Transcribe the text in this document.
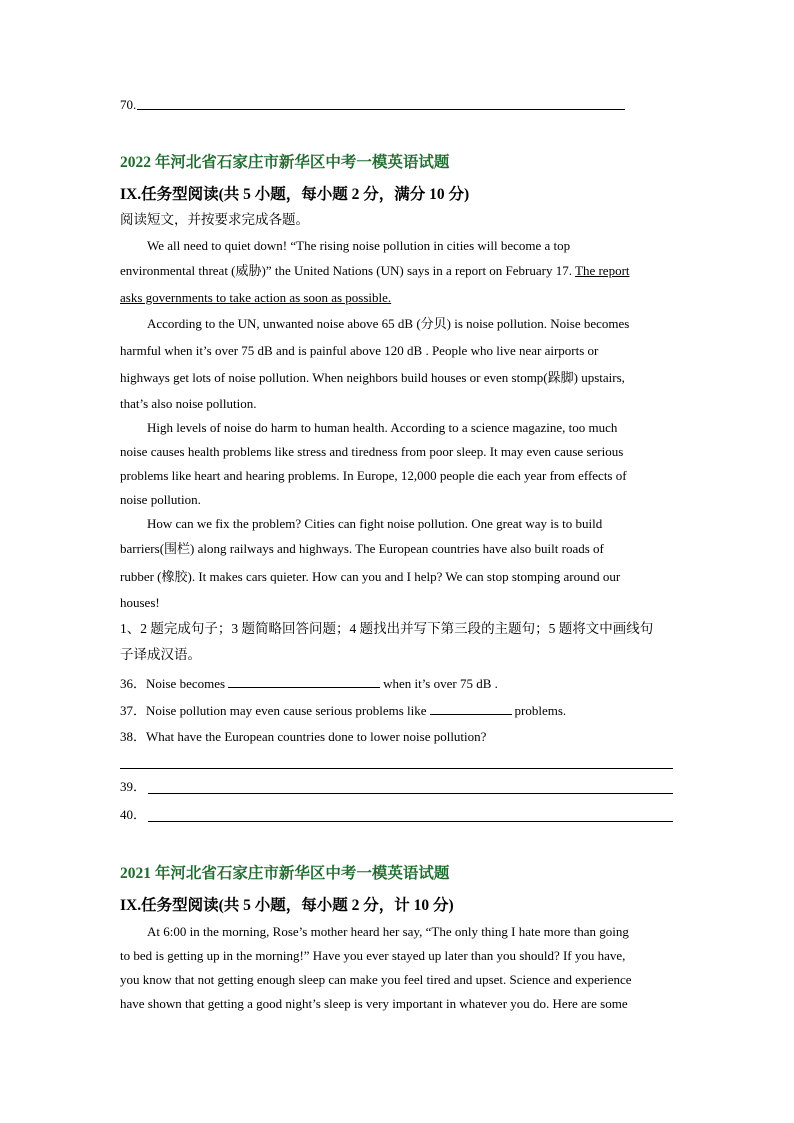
70.
2022 年河北省石家庄市新华区中考一模英语试题
IX.任务型阅读(共 5 小题，每小题 2 分，满分 10 分)
阅读短文，并按要求完成各题。
We all need to quiet down! “The rising noise pollution in cities will become a top
environmental threat (威胁)” the United Nations (UN) says in a report on February 17. The report
asks governments to take action as soon as possible.
According to the UN, unwanted noise above 65 dB (分贝) is noise pollution. Noise becomes
harmful when it’s over 75 dB and is painful above 120 dB . People who live near airports or
highways get lots of noise pollution. When neighbors build houses or even stomp(跺脚) upstairs,
that’s also noise pollution.
High levels of noise do harm to human health. According to a science magazine, too much
noise causes health problems like stress and tiredness from poor sleep. It may even cause serious
problems like heart and hearing problems. In Europe, 12,000 people die each year from effects of
noise pollution.
How can we fix the problem? Cities can fight noise pollution. One great way is to build
barriers(围栏) along railways and highways. The European countries have also built roads of
rubber (橡胶). It makes cars quieter. How can you and I help? We can stop stomping around our
houses!
1、2 题完成句子；3 题简略回答问题；4 题找出并写下第三段的主题句；5 题将文中画线句
子译成汉语。
36．Noise becomes	when it’s over 75 dB .
37．Noise pollution may even cause serious problems like	problems.
38．What have the European countries done to lower noise pollution?
39．
40．
2021 年河北省石家庄市新华区中考一模英语试题
IX.任务型阅读(共 5 小题，每小题 2 分，计 10 分)
At 6:00 in the morning, Rose’s mother heard her say, “The only thing I hate more than going
to bed is getting up in the morning!” Have you ever stayed up later than you should? If you have,
you know that not getting enough sleep can make you feel tired and upset. Science and experience
have shown that getting a good night’s sleep is very important in whatever you do. Here are some
